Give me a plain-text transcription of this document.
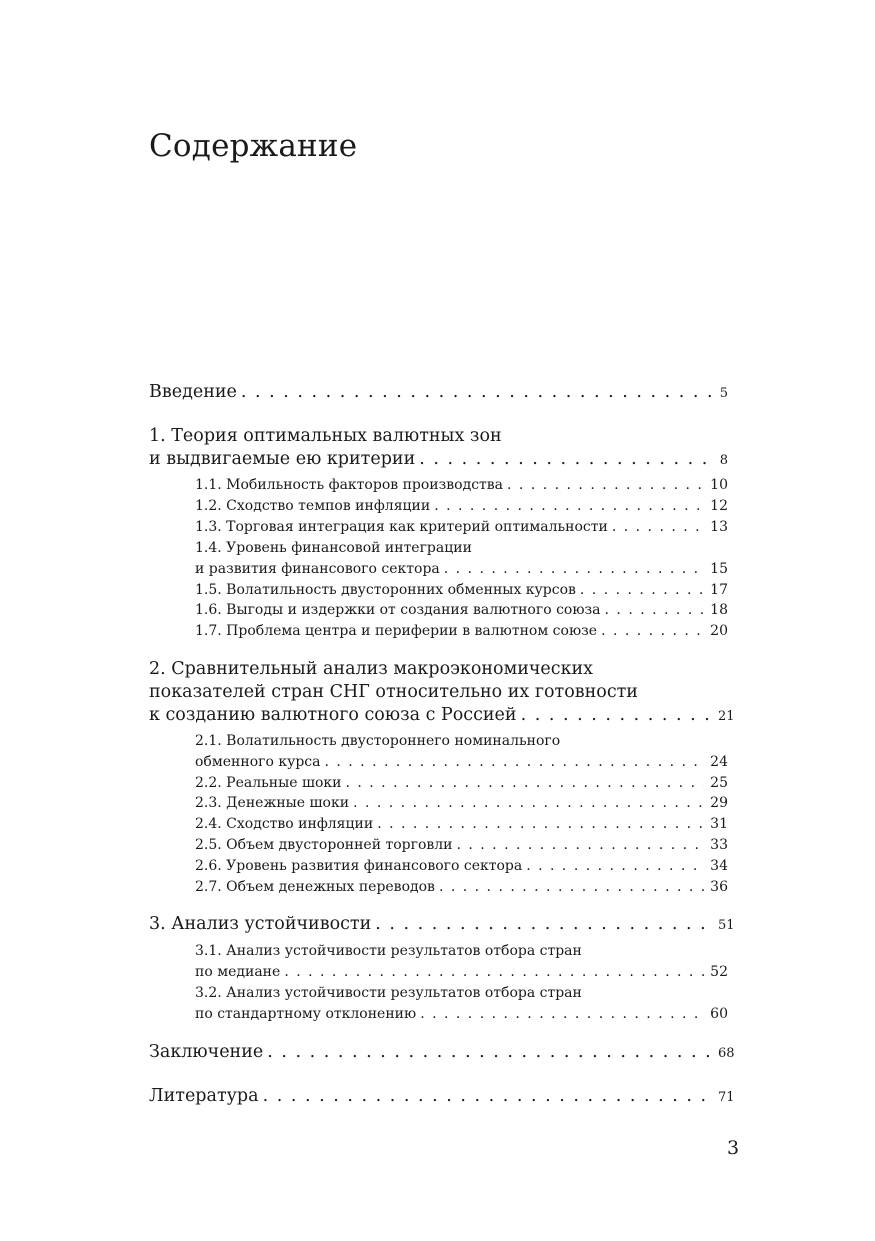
Содержание
Введение . . .	5
1. Теория оптимальных валютных зон
и выдвигаемые ею критерии . . .	8
1.1. Мобильность факторов производства . . .	10
1.2. Сходство темпов инфляции . . .	12
1.3. Торговая интеграция как критерий оптимальности . . .	13
1.4. Уровень финансовой интеграции
и развития финансового сектора . . .	15
1.5. Волатильность двусторонних обменных курсов . . .	17
1.6. Выгоды и издержки от создания валютного союза . . .	18
1.7. Проблема центра и периферии в валютном союзе . . .	20
2. Сравнительный анализ макроэкономических
показателей стран СНГ относительно их готовности
к созданию валютного союза с Россией . . .	21
2.1. Волатильность двустороннего номинального
обменного курса . . .	24
2.2. Реальные шоки . . .	25
2.3. Денежные шоки . . .	29
2.4. Сходство инфляции . . .	31
2.5. Объем двусторонней торговли . . .	33
2.6. Уровень развития финансового сектора . . .	34
2.7. Объем денежных переводов . . .	36
3. Анализ устойчивости . . .	51
3.1. Анализ устойчивости результатов отбора стран
по медиане . . .	52
3.2. Анализ устойчивости результатов отбора стран
по стандартному отклонению . . .	60
Заключение . . .	68
Литература . . .	71
3
